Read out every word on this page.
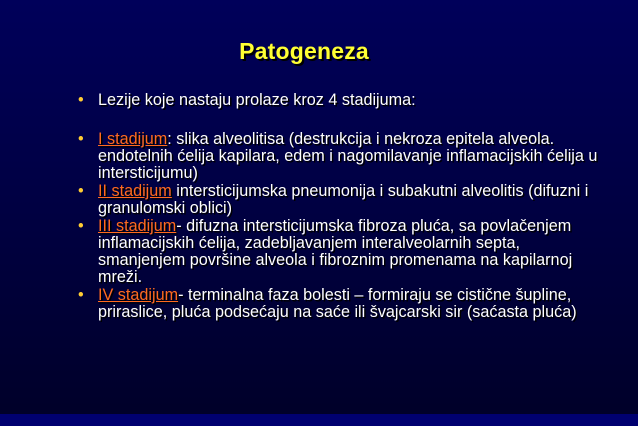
Patogeneza
• Lezije koje nastaju prolaze kroz 4 stadijuma:
• I stadijum: slika alveolitisa (destrukcija i nekroza epitela alveola. endotelnih ćelija kapilara, edem i nagomilavanje inflamacijskih ćelija u intersticijumu)
• II stadijum intersticijumska pneumonija i subakutni alveolitis (difuzni i granulomski oblici)
• III stadijum- difuzna intersticijumska fibroza pluća, sa povlačenjem inflamacijskih ćelija, zadebljavanjem interalveolarnih septa, smanjenjem površine alveola i fibroznim promenama na kapilarnoj mreži.
• IV stadijum- terminalna faza bolesti – formiraju se cistične šupline, priraslice, pluća podsećaju na saće ili švajcarski sir (saćasta pluća)
